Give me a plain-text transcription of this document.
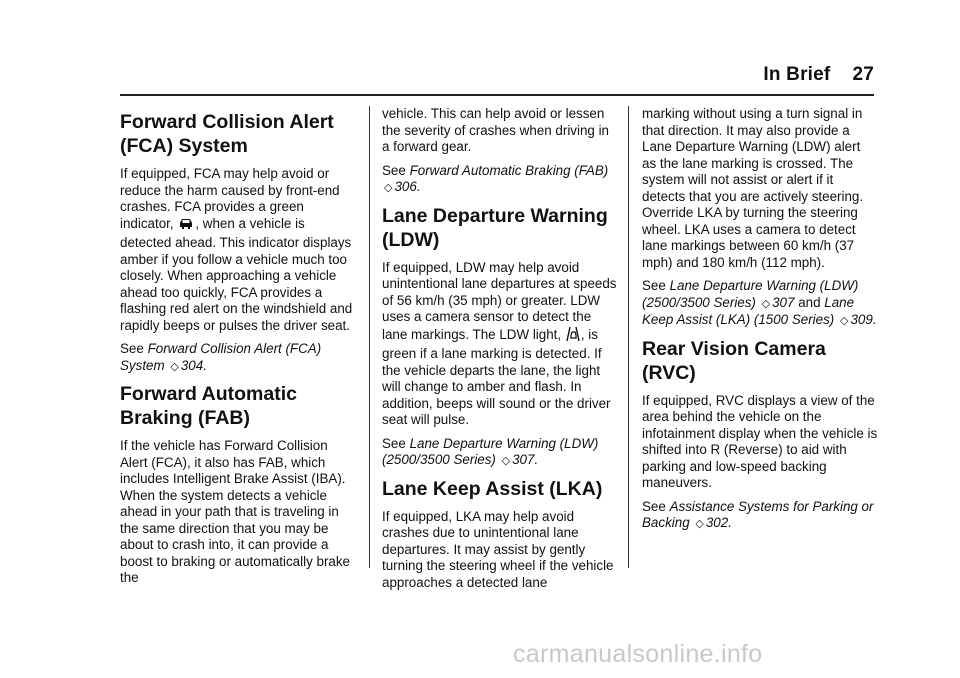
In Brief 27
Forward Collision Alert (FCA) System

If equipped, FCA may help avoid or reduce the harm caused by front-end crashes. FCA provides a green indicator, , when a vehicle is detected ahead. This indicator displays amber if you follow a vehicle much too closely. When approaching a vehicle ahead too quickly, FCA provides a flashing red alert on the windshield and rapidly beeps or pulses the driver seat.

See Forward Collision Alert (FCA) System ◇ 304.

Forward Automatic Braking (FAB)

If the vehicle has Forward Collision Alert (FCA), it also has FAB, which includes Intelligent Brake Assist (IBA). When the system detects a vehicle ahead in your path that is traveling in the same direction that you may be about to crash into, it can provide a boost to braking or automatically brake the

vehicle. This can help avoid or lessen the severity of crashes when driving in a forward gear.

See Forward Automatic Braking (FAB) ◇ 306.

Lane Departure Warning (LDW)

If equipped, LDW may help avoid unintentional lane departures at speeds of 56 km/h (35 mph) or greater. LDW uses a camera sensor to detect the lane markings. The LDW light, , is green if a lane marking is detected. If the vehicle departs the lane, the light will change to amber and flash. In addition, beeps will sound or the driver seat will pulse.

See Lane Departure Warning (LDW) (2500/3500 Series) ◇ 307.

Lane Keep Assist (LKA)

If equipped, LKA may help avoid crashes due to unintentional lane departures. It may assist by gently turning the steering wheel if the vehicle approaches a detected lane

marking without using a turn signal in that direction. It may also provide a Lane Departure Warning (LDW) alert as the lane marking is crossed. The system will not assist or alert if it detects that you are actively steering. Override LKA by turning the steering wheel. LKA uses a camera to detect lane markings between 60 km/h (37 mph) and 180 km/h (112 mph).

See Lane Departure Warning (LDW) (2500/3500 Series) ◇ 307 and Lane Keep Assist (LKA) (1500 Series) ◇ 309.

Rear Vision Camera (RVC)

If equipped, RVC displays a view of the area behind the vehicle on the infotainment display when the vehicle is shifted into R (Reverse) to aid with parking and low-speed backing maneuvers.

See Assistance Systems for Parking or Backing ◇ 302.

carmanualsonline.info
